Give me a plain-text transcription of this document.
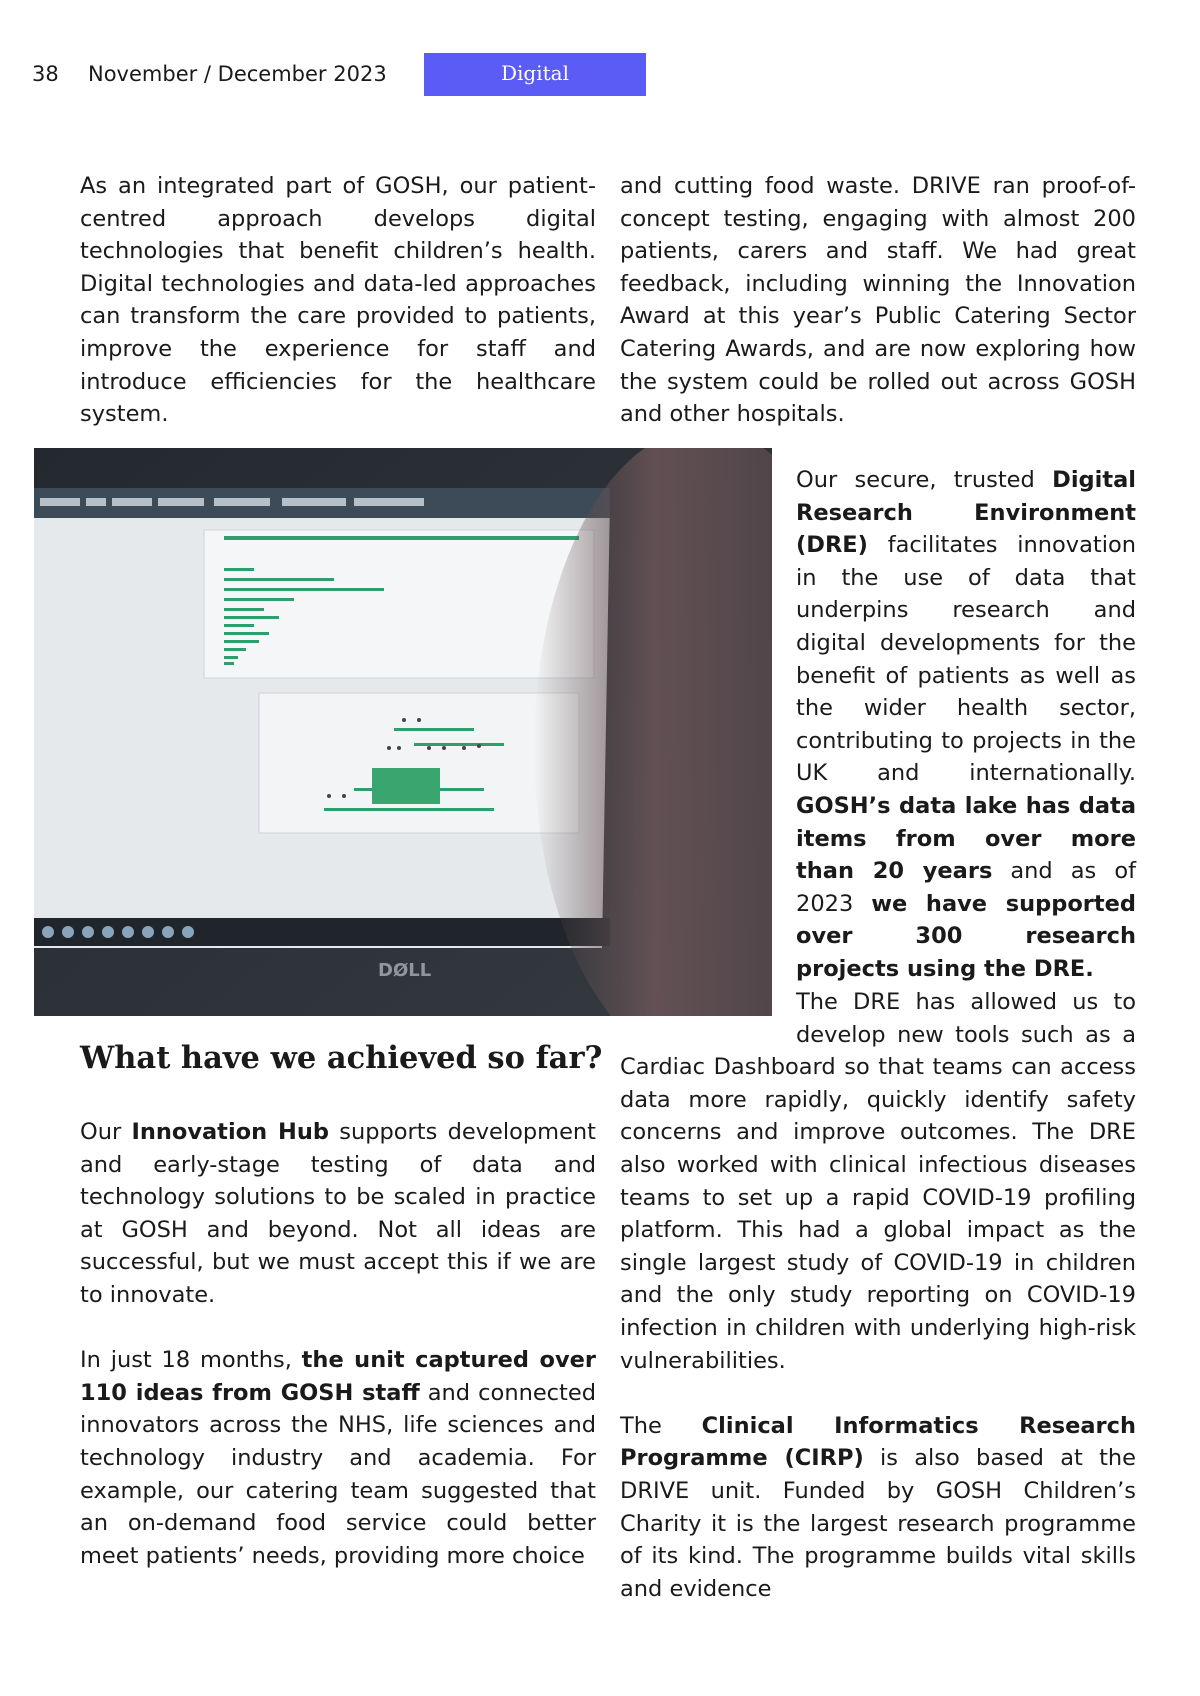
38 November / December 2023	Digital

As an integrated part of GOSH, our patient-centred approach develops digital technologies that benefit children’s health. Digital technologies and data-led approaches can transform the care provided to patients, improve the experience for staff and introduce efficiencies for the healthcare system.

and cutting food waste. DRIVE ran proof-of-concept testing, engaging with almost 200 patients, carers and staff. We had great feedback, including winning the Innovation Award at this year’s Public Catering Sector Catering Awards, and are now exploring how the system could be rolled out across GOSH and other hospitals.

DØLL

Our secure, trusted Digital Research Environment (DRE) facilitates innovation in the use of data that underpins research and digital developments for the benefit of patients as well as the wider health sector, contributing to projects in the UK and internationally. GOSH’s data lake has data items from over more than 20 years and as of 2023 we have supported over 300 research projects using the DRE.

The DRE has allowed us to develop new tools such as a Cardiac Dashboard so that teams can access data more rapidly, quickly identify safety concerns and improve outcomes. The DRE also worked with clinical infectious diseases teams to set up a rapid COVID-19 profiling platform. This had a global impact as the single largest study of COVID-19 in children and the only study reporting on COVID-19 infection in children with underlying high-risk vulnerabilities.

The Clinical Informatics Research Programme (CIRP) is also based at the DRIVE unit. Funded by GOSH Children’s Charity it is the largest research programme of its kind. The programme builds vital skills and evidence

What have we achieved so far?

Our Innovation Hub supports development and early-stage testing of data and technology solutions to be scaled in practice at GOSH and beyond. Not all ideas are successful, but we must accept this if we are to innovate.

In just 18 months, the unit captured over 110 ideas from GOSH staff and connected innovators across the NHS, life sciences and technology industry and academia. For example, our catering team suggested that an on-demand food service could better meet patients’ needs, providing more choice
